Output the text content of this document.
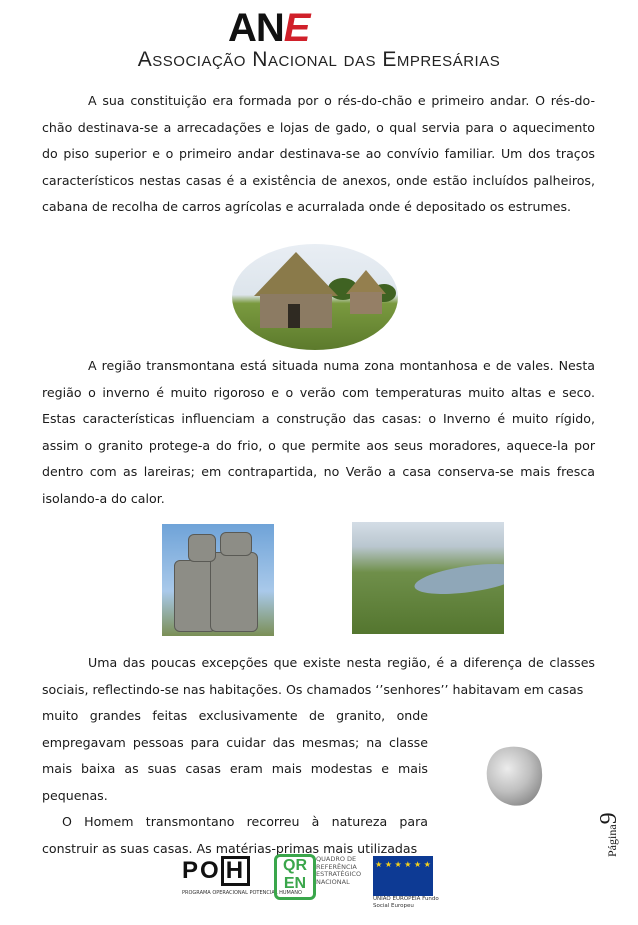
ANE
Associação Nacional das Empresárias

A sua constituição era formada por o rés-do-chão e primeiro andar. O rés-do-chão destinava-se a arrecadações e lojas de gado, o qual servia para o aquecimento do piso superior e o primeiro andar destinava-se ao convívio familiar. Um dos traços característicos nestas casas é a existência de anexos, onde estão incluídos palheiros, cabana de recolha de carros agrícolas e acurralada onde é depositado os estrumes.

A região transmontana está situada numa zona montanhosa e de vales. Nesta região o inverno é muito rigoroso e o verão com temperaturas muito altas e seco. Estas características influenciam a construção das casas: o Inverno é muito rígido, assim o granito protege-a do frio, o que permite aos seus moradores, aquece-la por dentro com as lareiras; em contrapartida, no Verão a casa conserva-se mais fresca isolando-a do calor.

Uma das poucas excepções que existe nesta região, é a diferença de classes sociais, reflectindo-se nas habitações. Os chamados ‘’senhores’’ habitavam em casas

muito grandes feitas exclusivamente de granito, onde empregavam pessoas para cuidar das mesmas; na classe mais baixa as suas casas eram mais modestas e mais pequenas.

O Homem transmontano recorreu à natureza para construir as suas casas. As matérias-primas mais utilizadas	Página9
PO H
PROGRAMA OPERACIONAL POTENCIAL HUMANO
QR EN
QUADRO DE REFERÊNCIA ESTRATÉGICO NACIONAL
★ ★ ★ ★ ★ ★
UNIÃO EUROPEIA Fundo Social Europeu
